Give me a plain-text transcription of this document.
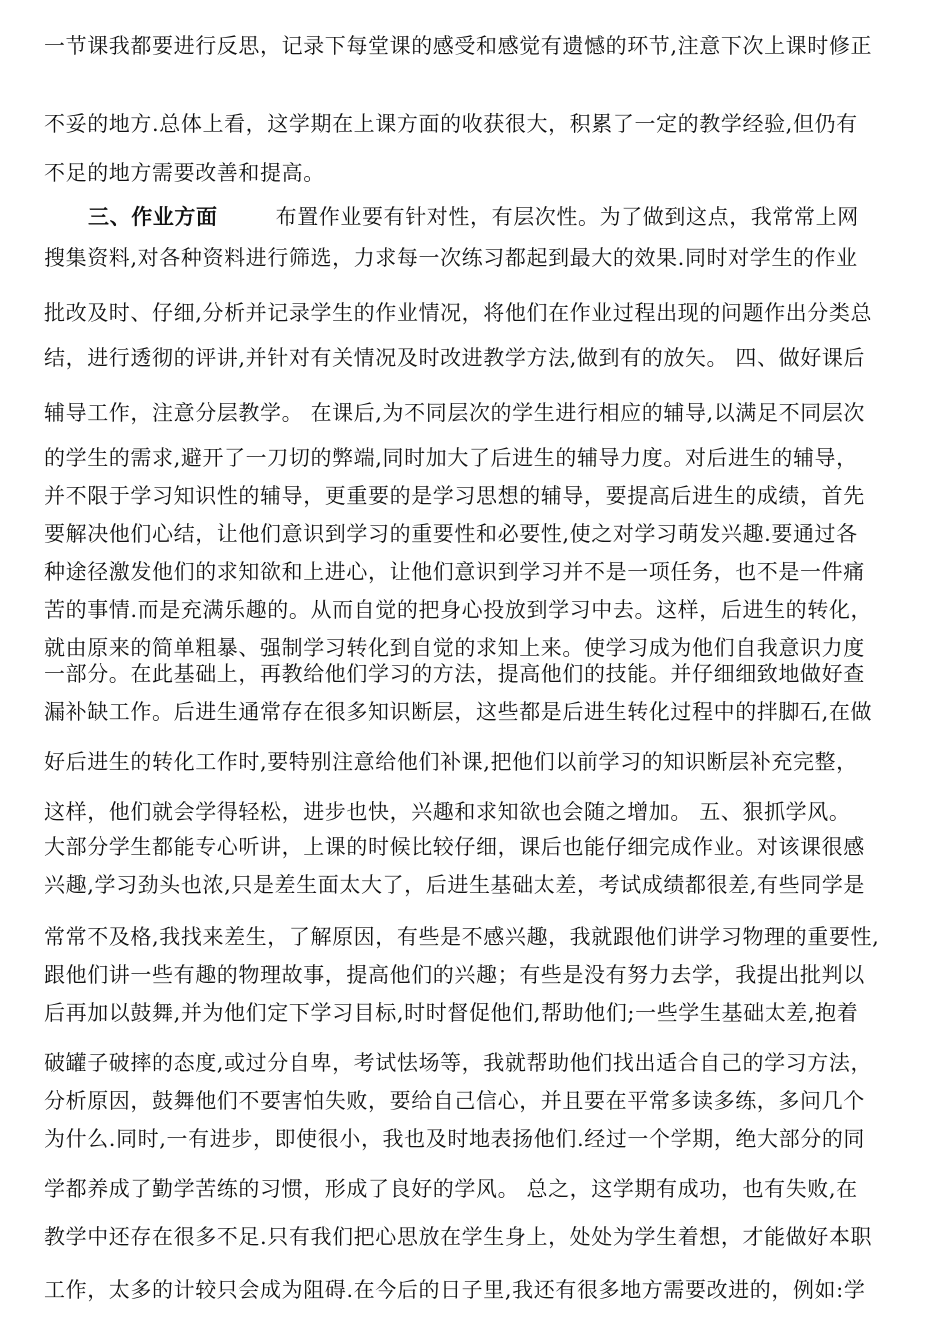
一节课我都要进行反思，记录下每堂课的感受和感觉有遗憾的环节,注意下次上课时修正
不妥的地方.总体上看，这学期在上课方面的收获很大，积累了一定的教学经验,但仍有
不足的地方需要改善和提高。
三、作业方面	布置作业要有针对性，有层次性。为了做到这点，我常常上网
搜集资料,对各种资料进行筛选，力求每一次练习都起到最大的效果.同时对学生的作业
批改及时、仔细,分析并记录学生的作业情况，将他们在作业过程出现的问题作出分类总
结，进行透彻的评讲,并针对有关情况及时改进教学方法,做到有的放矢。 四、做好课后
辅导工作，注意分层教学。 在课后,为不同层次的学生进行相应的辅导,以满足不同层次
的学生的需求,避开了一刀切的弊端,同时加大了后进生的辅导力度。对后进生的辅导，
并不限于学习知识性的辅导，更重要的是学习思想的辅导，要提高后进生的成绩，首先
要解决他们心结，让他们意识到学习的重要性和必要性,使之对学习萌发兴趣.要通过各
种途径激发他们的求知欲和上进心，让他们意识到学习并不是一项任务，也不是一件痛
苦的事情.而是充满乐趣的。从而自觉的把身心投放到学习中去。这样，后进生的转化，
就由原来的简单粗暴、强制学习转化到自觉的求知上来。使学习成为他们自我意识力度
一部分。在此基础上，再教给他们学习的方法，提高他们的技能。并仔细细致地做好查
漏补缺工作。后进生通常存在很多知识断层，这些都是后进生转化过程中的拌脚石,在做
好后进生的转化工作时,要特别注意给他们补课,把他们以前学习的知识断层补充完整，
这样，他们就会学得轻松，进步也快，兴趣和求知欲也会随之增加。 五、狠抓学风。
大部分学生都能专心听讲，上课的时候比较仔细，课后也能仔细完成作业。对该课很感
兴趣,学习劲头也浓,只是差生面太大了，后进生基础太差，考试成绩都很差,有些同学是
常常不及格,我找来差生，了解原因，有些是不感兴趣，我就跟他们讲学习物理的重要性,
跟他们讲一些有趣的物理故事，提高他们的兴趣；有些是没有努力去学，我提出批判以
后再加以鼓舞,并为他们定下学习目标,时时督促他们,帮助他们;一些学生基础太差,抱着
破罐子破摔的态度,或过分自卑，考试怯场等，我就帮助他们找出适合自己的学习方法，
分析原因，鼓舞他们不要害怕失败，要给自己信心，并且要在平常多读多练，多问几个
为什么.同时,一有进步，即使很小，我也及时地表扬他们.经过一个学期，绝大部分的同
学都养成了勤学苦练的习惯，形成了良好的学风。 总之，这学期有成功，也有失败,在
教学中还存在很多不足.只有我们把心思放在学生身上，处处为学生着想，才能做好本职
工作，太多的计较只会成为阻碍.在今后的日子里,我还有很多地方需要改进的，例如:学
